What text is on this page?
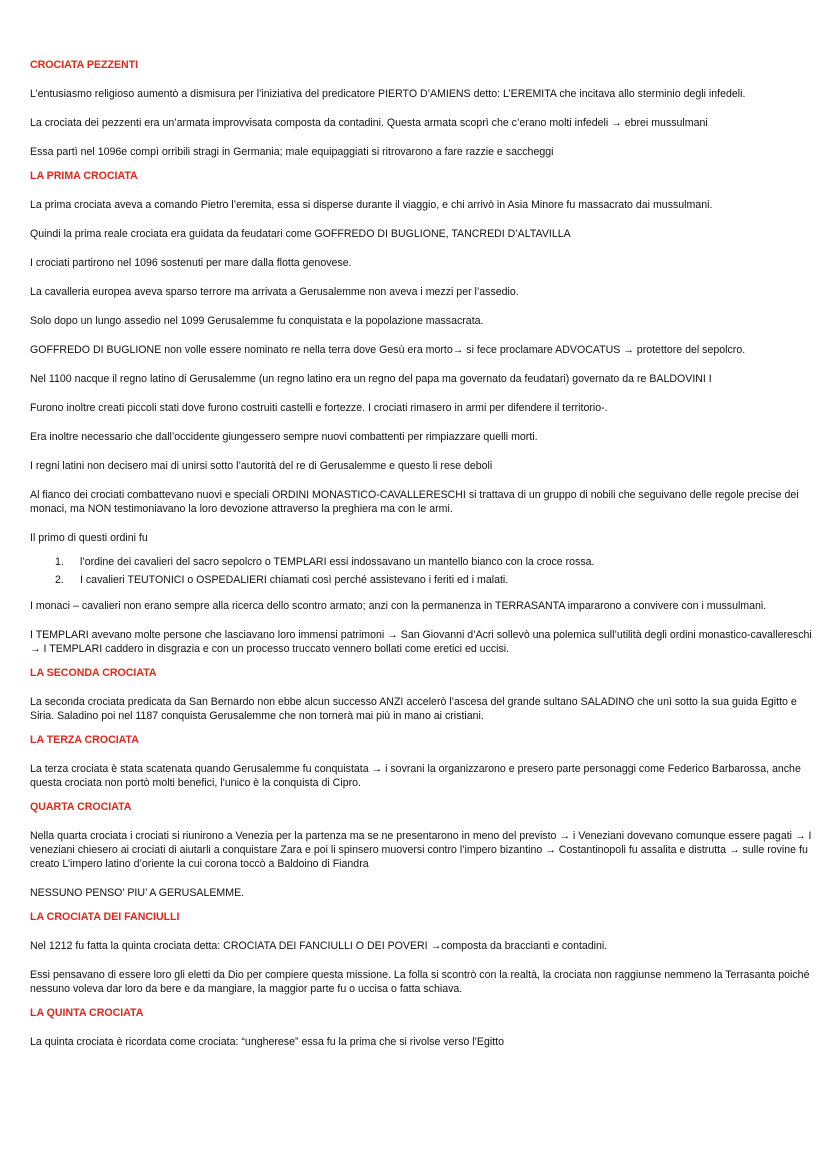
CROCIATA PEZZENTI

L’entusiasmo religioso aumentò a dismisura per l’iniziativa del predicatore PIERTO D’AMIENS detto: L’EREMITA che incitava allo sterminio degli infedeli.

La crociata dei pezzenti era un’armata improvvisata composta da contadini. Questa armata scoprì che c’erano molti infedeli → ebrei mussulmani

Essa partì nel 1096e compì orribili stragi in Germania; male equipaggiati si ritrovarono a fare razzie e saccheggi

LA PRIMA CROCIATA

La prima crociata aveva a comando Pietro l’eremita, essa si disperse durante il viaggio, e chi arrivò in Asia Minore fu massacrato dai mussulmani.

Quindi la prima reale crociata era guidata da feudatari come GOFFREDO DI BUGLIONE, TANCREDI D’ALTAVILLA

I crociati partirono nel 1096 sostenuti per mare dalla flotta genovese.

La cavalleria europea aveva sparso terrore ma arrivata a Gerusalemme non aveva i mezzi per l’assedio.

Solo dopo un lungo assedio nel 1099 Gerusalemme fu conquistata e la popolazione massacrata.

GOFFREDO DI BUGLIONE non volle essere nominato re nella terra dove Gesù era morto→ si fece proclamare ADVOCATUS → protettore del sepolcro.

Nel 1100 nacque il regno latino di Gerusalemme (un regno latino era un regno del papa ma governato da feudatari) governato da re BALDOVINI I

Furono inoltre creati piccoli stati dove furono costruiti castelli e fortezze. I crociati rimasero in armi per difendere il territorio-.

Era inoltre necessario che dall’occidente giungessero sempre nuovi combattenti per rimpiazzare quelli morti.

I regni latini non decisero mai di unirsi sotto l’autorità del re di Gerusalemme e questo li rese deboli

Al fianco dei crociati combattevano nuovi e speciali ORDINI MONASTICO-CAVALLERESCHI si trattava di un gruppo di nobili che seguivano delle regole precise dei monaci, ma NON testimoniavano la loro devozione attraverso la preghiera ma con le armi.

Il primo di questi ordini fu

1. l’ordine dei cavalieri del sacro sepolcro o TEMPLARI essi indossavano un mantello bianco con la croce rossa.
2. I cavalieri TEUTONICI o OSPEDALIERI chiamati così perché assistevano i feriti ed i malati.

I monaci – cavalieri non erano sempre alla ricerca dello scontro armato; anzi con la permanenza in TERRASANTA impararono a convivere con i mussulmani.

I TEMPLARI avevano molte persone che lasciavano loro immensi patrimoni → San Giovanni d’Acri sollevò una polemica sull’utilità degli ordini monastico-cavallereschi → I TEMPLARI caddero in disgrazia e con un processo truccato vennero bollati come eretici ed uccisi.

LA SECONDA CROCIATA

La seconda crociata predicata da San Bernardo non ebbe alcun successo ANZI accelerò l’ascesa del grande sultano SALADINO che unì sotto la sua guida Egitto e Siria. Saladino poi nel 1187 conquista Gerusalemme che non tornerà mai più in mano ai cristiani.

LA TERZA CROCIATA

La terza crociata è stata scatenata quando Gerusalemme fu conquistata → i sovrani la organizzarono e presero parte personaggi come Federico Barbarossa, anche questa crociata non portò molti benefici, l’unico è la conquista di Cipro.

QUARTA CROCIATA

Nella quarta crociata i crociati si riunirono a Venezia per la partenza ma se ne presentarono in meno del previsto → i Veneziani dovevano comunque essere pagati → I veneziani chiesero ai crociati di aiutarli a conquistare Zara e poi li spinsero muoversi contro l’impero bizantino → Costantinopoli fu assalita e distrutta → sulle rovine fu creato L’impero latino d’oriente la cui corona toccò a Baldoino di Fiandra

NESSUNO PENSO’ PIU’ A GERUSALEMME.

LA CROCIATA DEI FANCIULLI

Nel 1212 fu fatta la quinta crociata detta: CROCIATA DEI FANCIULLI O DEI POVERI →composta da braccianti e contadini.

Essi pensavano di essere loro gli eletti da Dio per compiere questa missione. La folla si scontrò con la realtà, la crociata non raggiunse nemmeno la Terrasanta poiché nessuno voleva dar loro da bere e da mangiare, la maggior parte fu o uccisa o fatta schiava.

LA QUINTA CROCIATA

La quinta crociata è ricordata come crociata: “ungherese” essa fu la prima che si rivolse verso l’Egitto
